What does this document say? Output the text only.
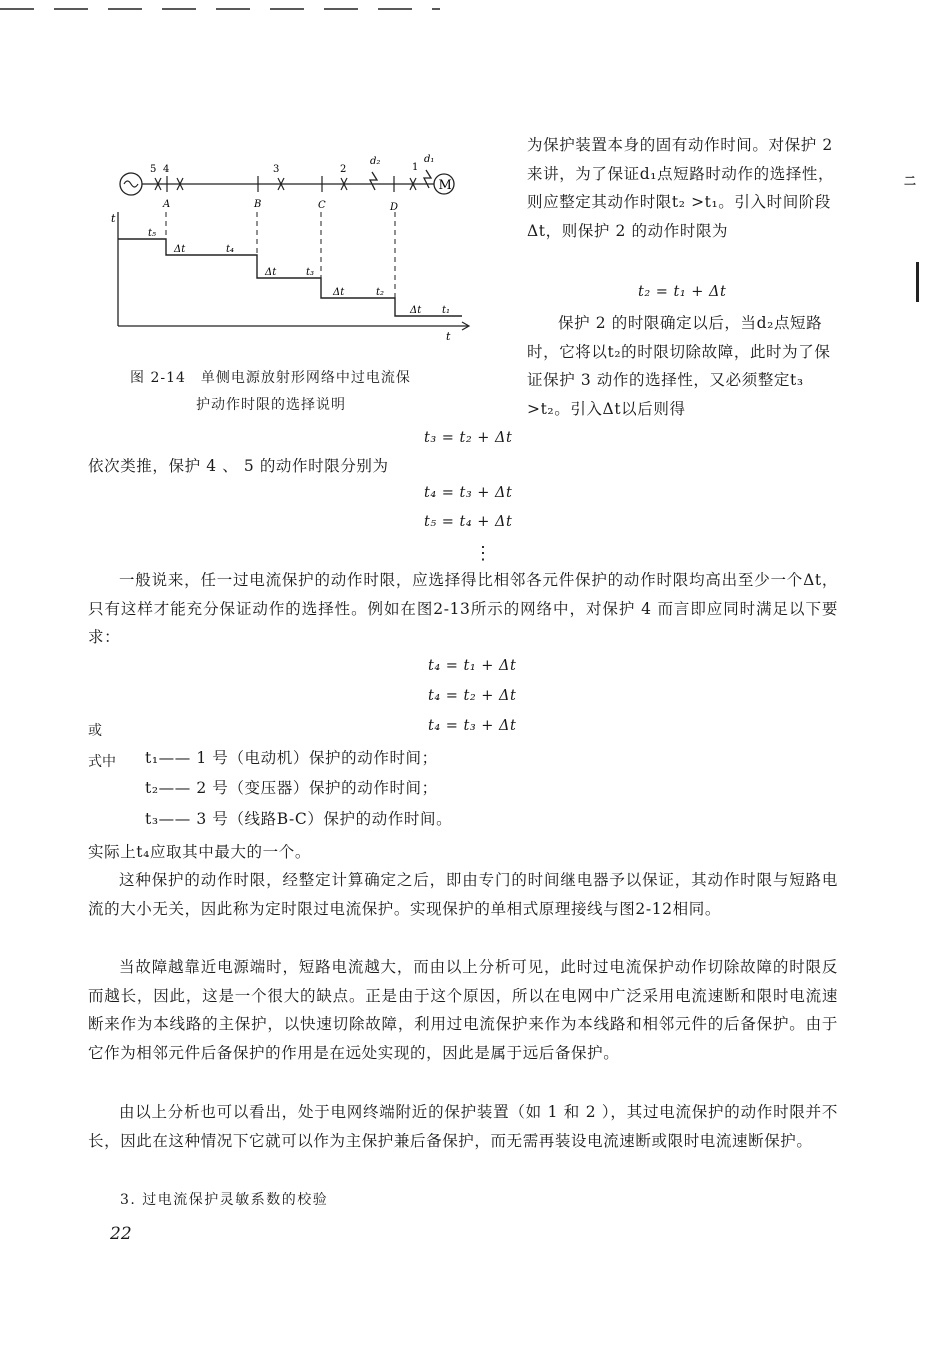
M
5 4	3	2	1
d₂	d₁
A	B	C	D
t
t
t₅
Δt	t₄
Δt	t₃
Δt	t₂
Δt t₁
图 2-14　单侧电源放射形网络中过电流保
护动作时限的选择说明

为保护装置本身的固有动作时间。对保护 2 来讲，为了保证d₁点短路时动作的选择性，则应整定其动作时限t₂ >t₁。引入时间阶段Δt，则保护 2 的动作时限为

t₂ = t₁ + Δt

保护 2 的时限确定以后，当d₂点短路时，它将以t₂的时限切除故障，此时为了保证保护 3 动作的选择性，又必须整定t₃ >t₂。引入Δt以后则得

t₃ = t₂ + Δt
依次类推，保护 4 、 5 的动作时限分别为
t₄ = t₃ + Δt
t₅ = t₄ + Δt
⋮

一般说来，任一过电流保护的动作时限，应选择得比相邻各元件保护的动作时限均高出至少一个Δt，只有这样才能充分保证动作的选择性。例如在图2-13所示的网络中，对保护 4 而言即应同时满足以下要求：

t₄ = t₁ + Δt
t₄ = t₂ + Δt
或	t₄ = t₃ + Δt
式中 t₁—— 1 号（电动机）保护的动作时间；
t₂—— 2 号（变压器）保护的动作时间；
t₃—— 3 号（线路B-C）保护的动作时间。
实际上t₄应取其中最大的一个。

这种保护的动作时限，经整定计算确定之后，即由专门的时间继电器予以保证，其动作时限与短路电流的大小无关，因此称为定时限过电流保护。实现保护的单相式原理接线与图2-12相同。

当故障越靠近电源端时，短路电流越大，而由以上分析可见，此时过电流保护动作切除故障的时限反而越长，因此，这是一个很大的缺点。正是由于这个原因，所以在电网中广泛采用电流速断和限时电流速断来作为本线路的主保护，以快速切除故障，利用过电流保护来作为本线路和相邻元件的后备保护。由于它作为相邻元件后备保护的作用是在远处实现的，因此是属于远后备保护。

由以上分析也可以看出，处于电网终端附近的保护装置（如 1 和 2 ），其过电流保护的动作时限并不长，因此在这种情况下它就可以作为主保护兼后备保护，而无需再装设电流速断或限时电流速断保护。

3. 过电流保护灵敏系数的校验
22
二
